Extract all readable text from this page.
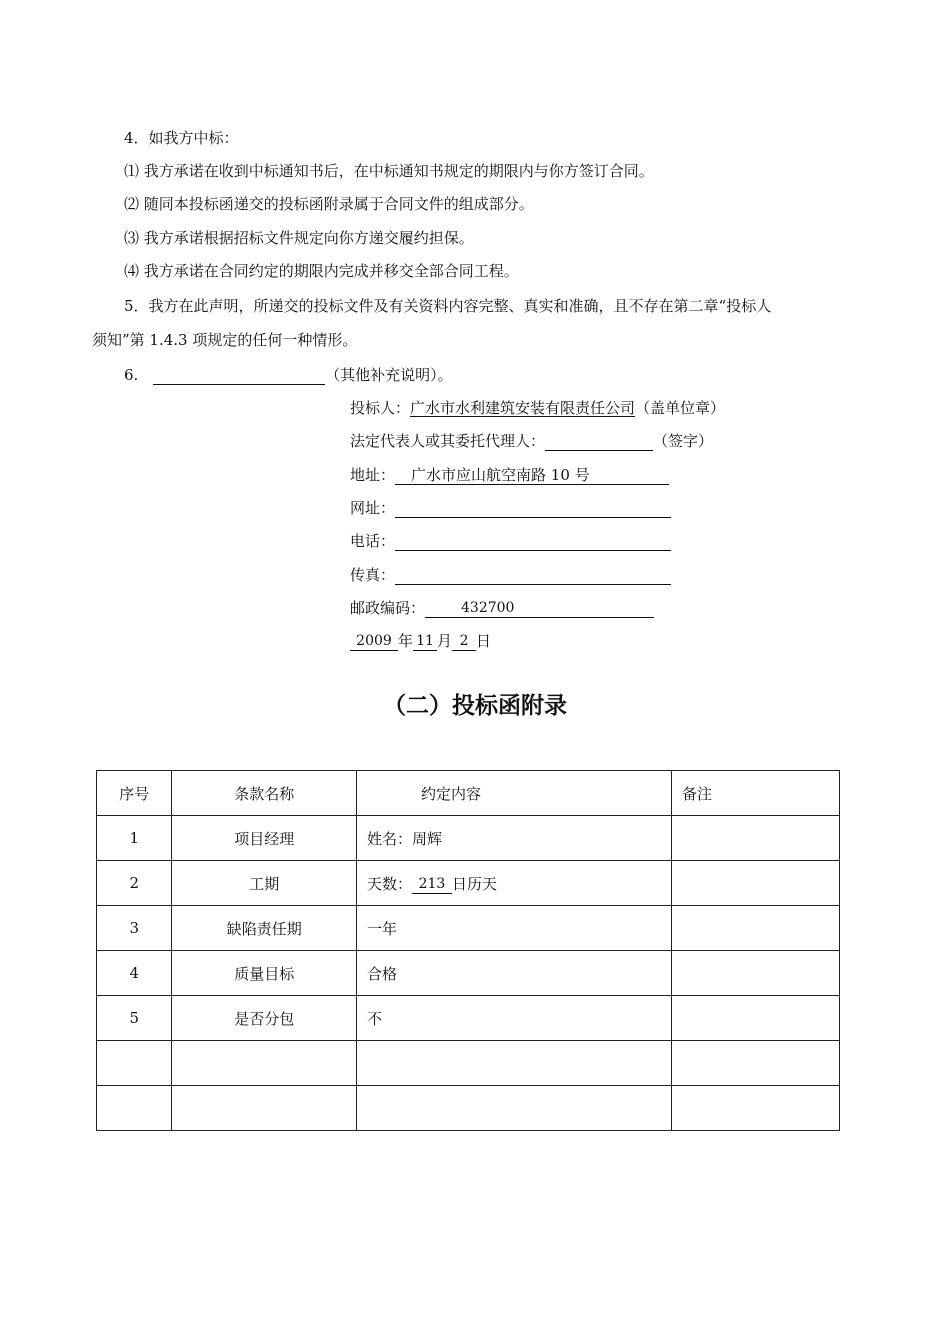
4．如我方中标：
⑴ 我方承诺在收到中标通知书后，在中标通知书规定的期限内与你方签订合同。
⑵ 随同本投标函递交的投标函附录属于合同文件的组成部分。
⑶ 我方承诺根据招标文件规定向你方递交履约担保。
⑷ 我方承诺在合同约定的期限内完成并移交全部合同工程。
5．我方在此声明，所递交的投标文件及有关资料内容完整、真实和准确，且不存在第二章“投标人
须知”第 1.4.3 项规定的任何一种情形。
6.	（其他补充说明）。
投标人：广水市水利建筑安装有限责任公司（盖单位章）
法定代表人或其委托代理人：	（签字）
地址： 广水市应山航空南路 10 号
网址：
电话：
传真：
邮政编码：	432700
2009 年 11 月 2 日
（二）投标函附录
序号	条款名称	约定内容	备注
1	项目经理	姓名：周辉	
2	工期	天数： 213 日历天	
3	缺陷责任期	一年	
4	质量目标	合格	
5	是否分包	不	
